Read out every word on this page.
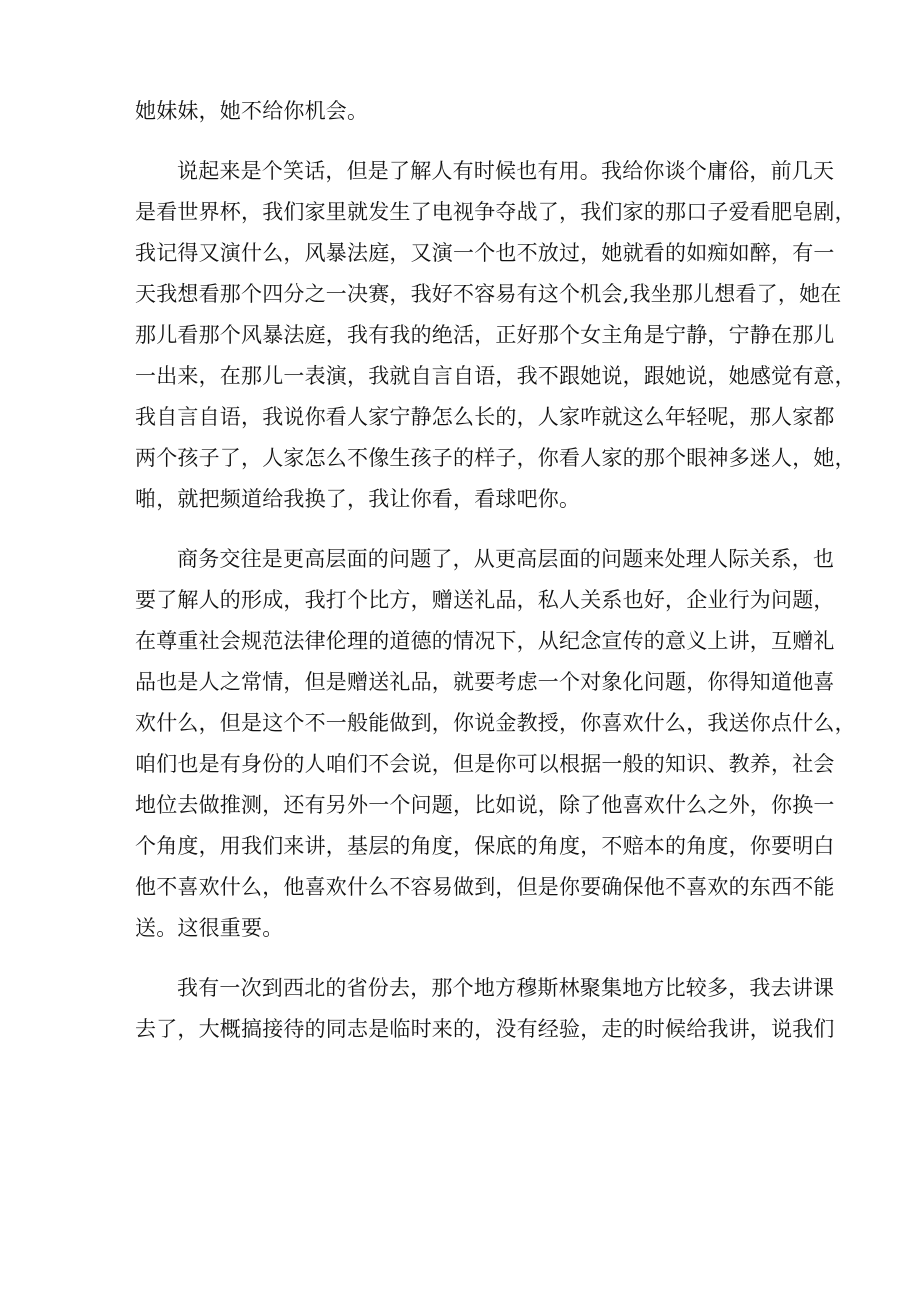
她妹妹，她不给你机会。

说起来是个笑话，但是了解人有时候也有用。我给你谈个庸俗，前几天

是看世界杯，我们家里就发生了电视争夺战了，我们家的那口子爱看肥皂剧，

我记得又演什么，风暴法庭，又演一个也不放过，她就看的如痴如醉，有一

天我想看那个四分之一决赛，我好不容易有这个机会,我坐那儿想看了，她在

那儿看那个风暴法庭，我有我的绝活，正好那个女主角是宁静，宁静在那儿

一出来，在那儿一表演，我就自言自语，我不跟她说，跟她说，她感觉有意，

我自言自语，我说你看人家宁静怎么长的，人家咋就这么年轻呢，那人家都

两个孩子了，人家怎么不像生孩子的样子，你看人家的那个眼神多迷人，她，

啪，就把频道给我换了，我让你看，看球吧你。

商务交往是更高层面的问题了，从更高层面的问题来处理人际关系，也

要了解人的形成，我打个比方，赠送礼品，私人关系也好，企业行为问题，

在尊重社会规范法律伦理的道德的情况下，从纪念宣传的意义上讲，互赠礼

品也是人之常情，但是赠送礼品，就要考虑一个对象化问题，你得知道他喜

欢什么，但是这个不一般能做到，你说金教授，你喜欢什么，我送你点什么，

咱们也是有身份的人咱们不会说，但是你可以根据一般的知识、教养，社会

地位去做推测，还有另外一个问题，比如说，除了他喜欢什么之外，你换一

个角度，用我们来讲，基层的角度，保底的角度，不赔本的角度，你要明白

他不喜欢什么，他喜欢什么不容易做到，但是你要确保他不喜欢的东西不能

送。这很重要。

我有一次到西北的省份去，那个地方穆斯林聚集地方比较多，我去讲课

去了，大概搞接待的同志是临时来的，没有经验，走的时候给我讲，说我们
